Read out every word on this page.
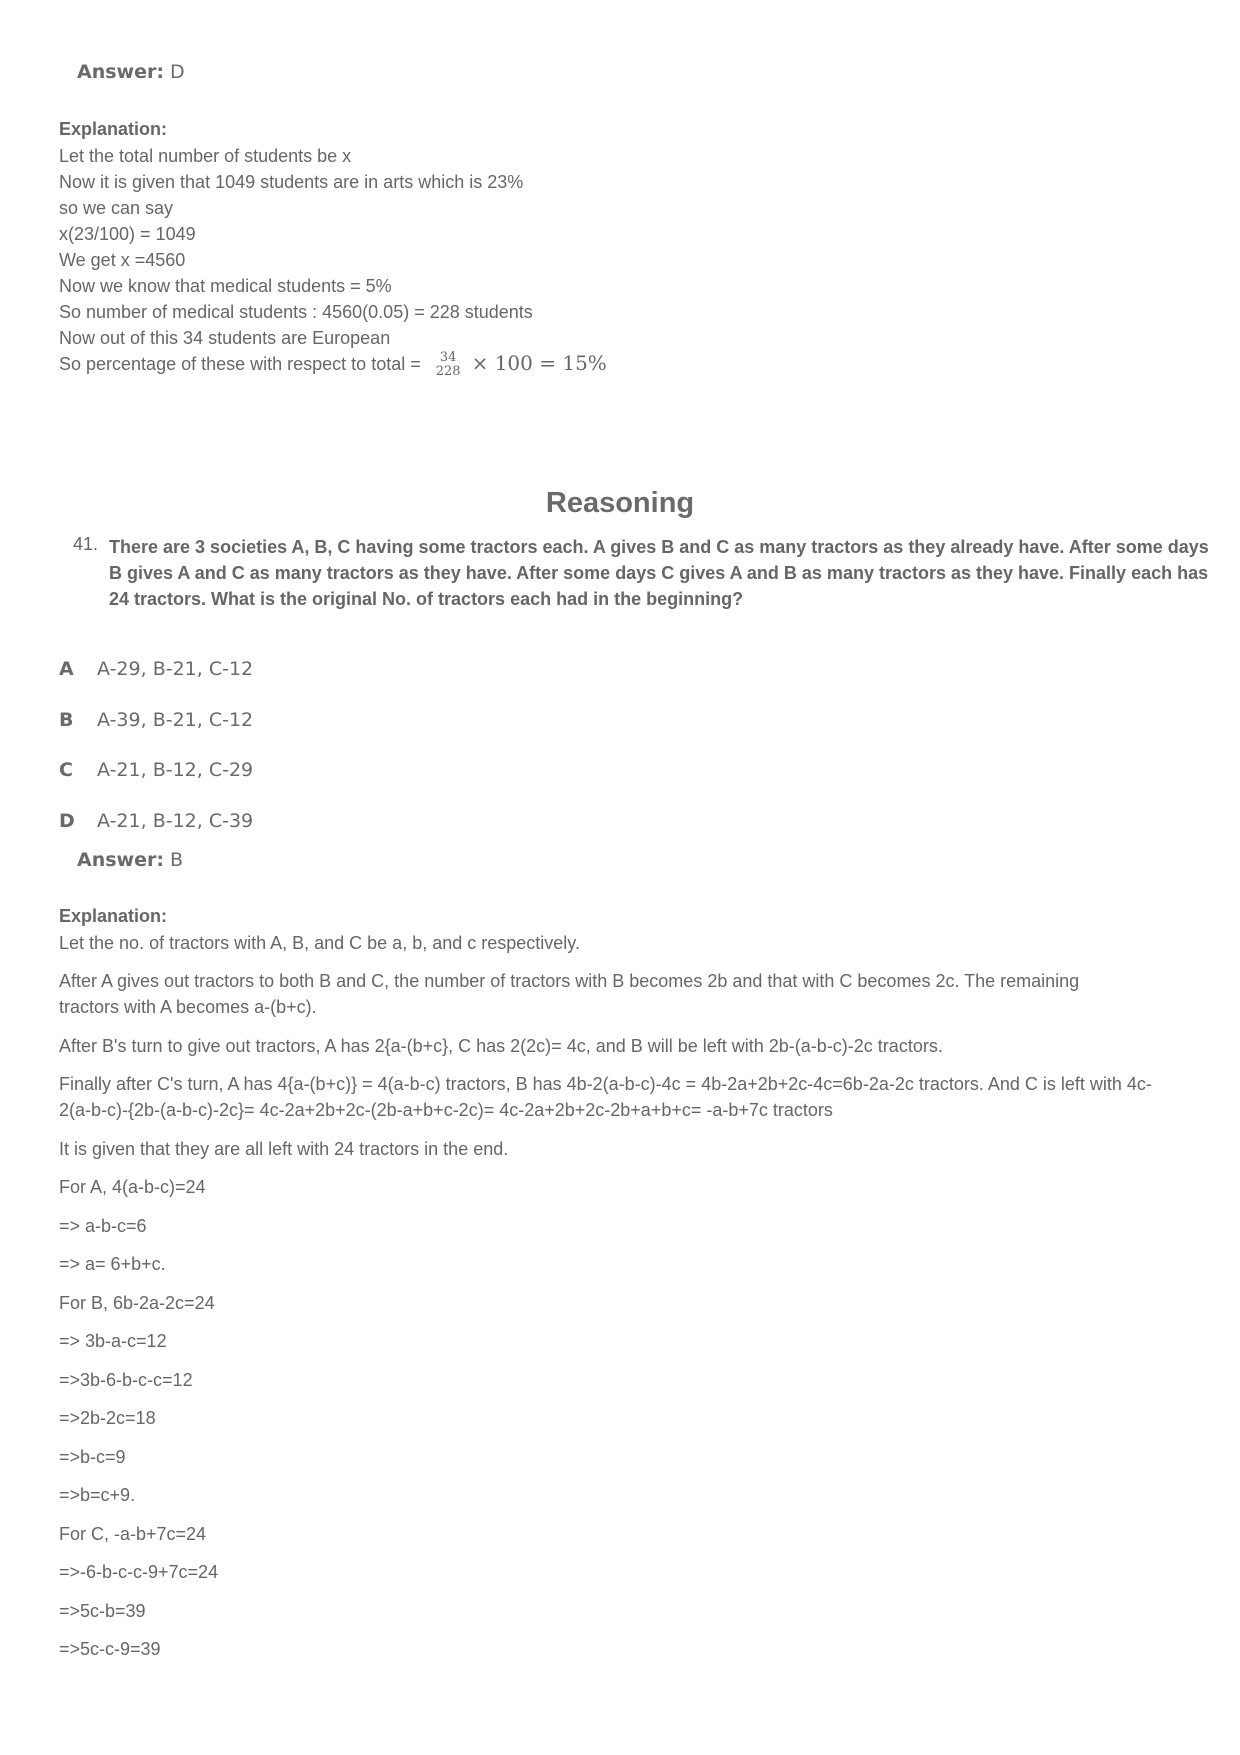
Answer: D
Explanation:
Let the total number of students be x
Now it is given that 1049 students are in arts which is 23%
so we can say
x(23/100) = 1049
We get x =4560
Now we know that medical students = 5%
So number of medical students : 4560(0.05) = 228 students
Now out of this 34 students are European
So percentage of these with respect to total =	34
228 × 100 = 15%
Reasoning
41. There are 3 societies A, B, C having some tractors each. A gives B and C as many tractors as they already have. After some days
B gives A and C as many tractors as they have. After some days C gives A and B as many tractors as they have. Finally each has
24 tractors. What is the original No. of tractors each had in the beginning?
A A-29, B-21, C-12
B A-39, B-21, C-12
C A-21, B-12, C-29
D A-21, B-12, C-39
Answer: B
Explanation:
Let the no. of tractors with A, B, and C be a, b, and c respectively.
After A gives out tractors to both B and C, the number of tractors with B becomes 2b and that with C becomes 2c. The remaining
tractors with A becomes a-(b+c).
After B's turn to give out tractors, A has 2{a-(b+c}, C has 2(2c)= 4c, and B will be left with 2b-(a-b-c)-2c tractors.
Finally after C's turn, A has 4{a-(b+c)} = 4(a-b-c) tractors, B has 4b-2(a-b-c)-4c = 4b-2a+2b+2c-4c=6b-2a-2c tractors. And C is left with 4c-
2(a-b-c)-{2b-(a-b-c)-2c}= 4c-2a+2b+2c-(2b-a+b+c-2c)= 4c-2a+2b+2c-2b+a+b+c= -a-b+7c tractors
It is given that they are all left with 24 tractors in the end.
For A, 4(a-b-c)=24
=> a-b-c=6
=> a= 6+b+c.
For B, 6b-2a-2c=24
=> 3b-a-c=12
=>3b-6-b-c-c=12
=>2b-2c=18
=>b-c=9
=>b=c+9.
For C, -a-b+7c=24
=>-6-b-c-c-9+7c=24
=>5c-b=39
=>5c-c-9=39
